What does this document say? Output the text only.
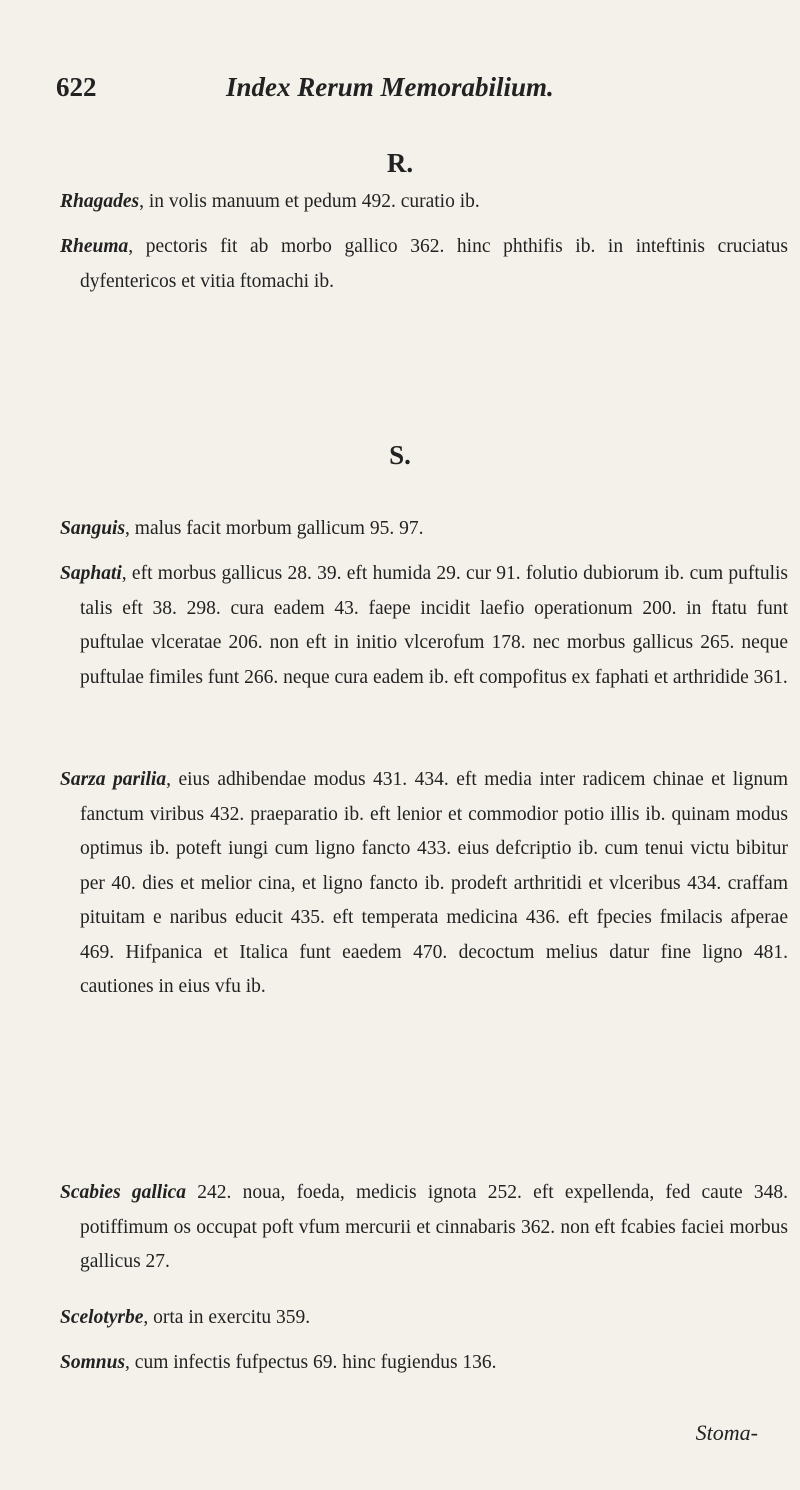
622	Index Rerum Memorabilium.
R.

Rhagades, in volis manuum et pedum 492. curatio ib.

Rheuma, pectoris fit ab morbo gallico 362. hinc phthifis ib. in inteftinis cruciatus dyfentericos et vitia ftomachi ib.

S.

Sanguis, malus facit morbum gallicum 95. 97.

Saphati, eft morbus gallicus 28. 39. eft humida 29. cur 91. folutio dubiorum ib. cum puftulis talis eft 38. 298. cura eadem 43. faepe incidit laefio operationum 200. in ftatu funt puftulae vlceratae 206. non eft in initio vlcerofum 178. nec morbus gallicus 265. neque puftulae fimiles funt 266. neque cura eadem ib. eft compofitus ex faphati et arthridide 361.

Sarza parilia, eius adhibendae modus 431. 434. eft media inter radicem chinae et lignum fanctum viribus 432. praeparatio ib. eft lenior et commodior potio illis ib. quinam modus optimus ib. poteft iungi cum ligno fancto 433. eius defcriptio ib. cum tenui victu bibitur per 40. dies et melior cina, et ligno fancto ib. prodeft arthritidi et vlceribus 434. craffam pituitam e naribus educit 435. eft temperata medicina 436. eft fpecies fmilacis afperae 469. Hifpanica et Italica funt eaedem 470. decoctum melius datur fine ligno 481. cautiones in eius vfu ib.

Scabies gallica 242. noua, foeda, medicis ignota 252. eft expellenda, fed caute 348. potiffimum os occupat poft vfum mercurii et cinnabaris 362. non eft fcabies faciei morbus gallicus 27.

Scelotyrbe, orta in exercitu 359.

Somnus, cum infectis fufpectus 69. hinc fugiendus 136.

Stoma-
